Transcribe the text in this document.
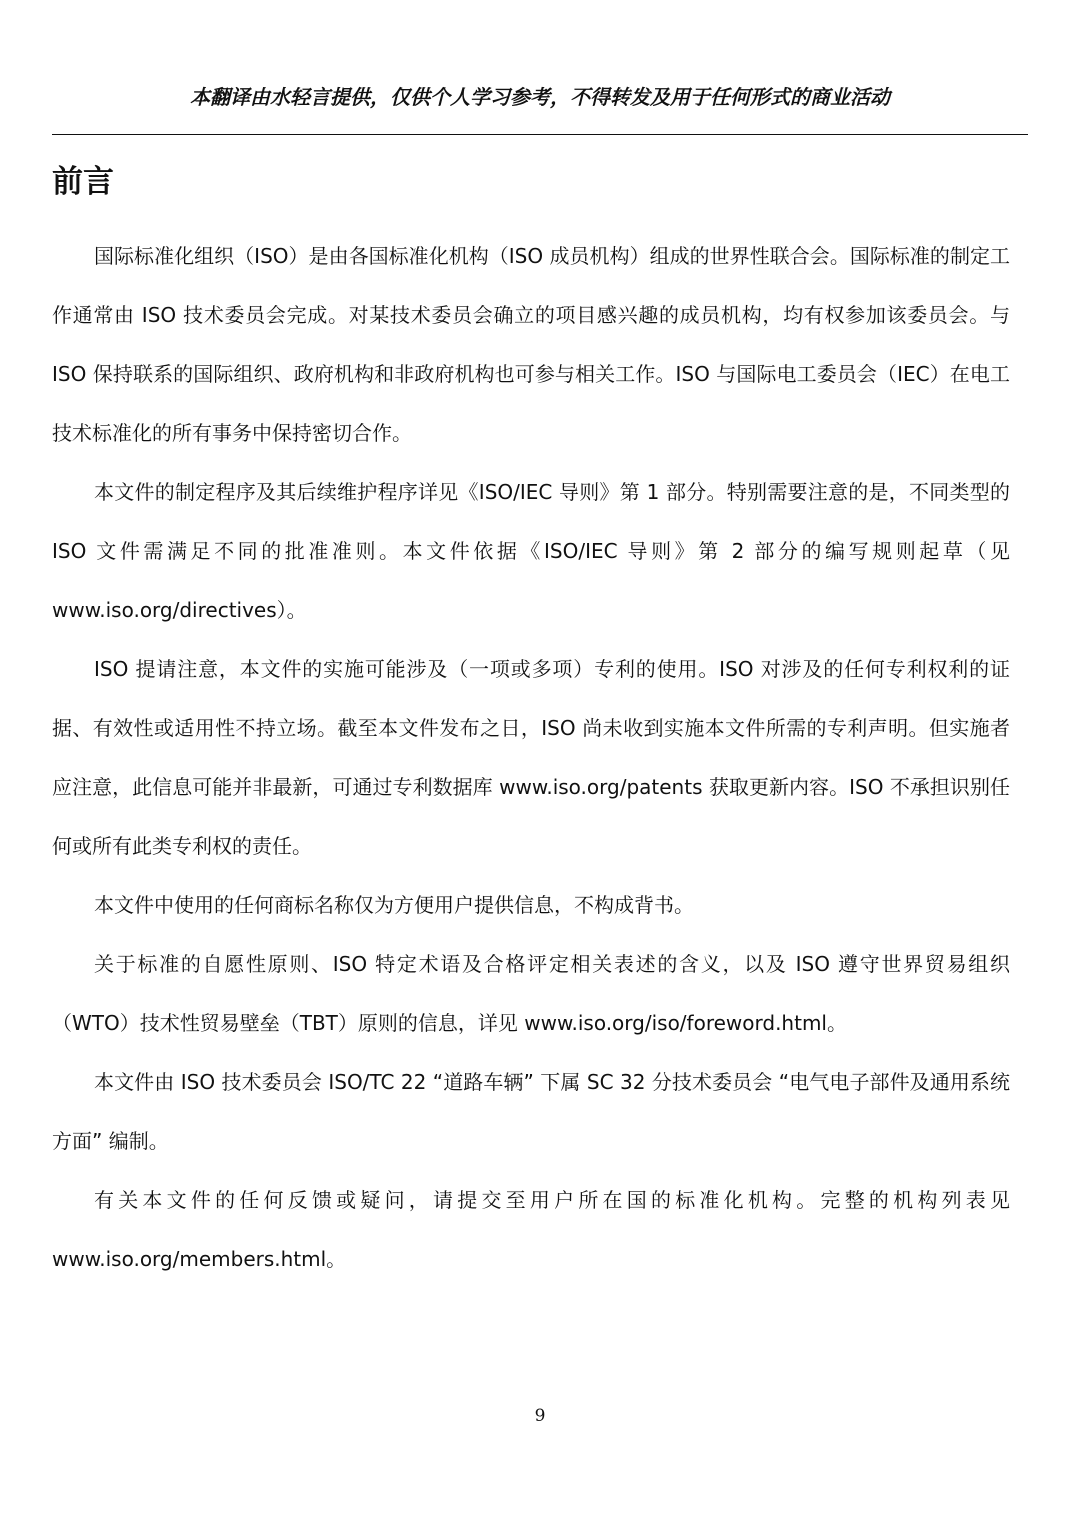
本翻译由水轻言提供，仅供个人学习参考，不得转发及用于任何形式的商业活动
前言

国际标准化组织（ISO）是由各国标准化机构（ISO 成员机构）组成的世界性联合会。国际标准的制定工作通常由 ISO 技术委员会完成。对某技术委员会确立的项目感兴趣的成员机构，均有权参加该委员会。与 ISO 保持联系的国际组织、政府机构和非政府机构也可参与相关工作。ISO 与国际电工委员会（IEC）在电工技术标准化的所有事务中保持密切合作。

本文件的制定程序及其后续维护程序详见《ISO/IEC 导则》第 1 部分。特别需要注意的是，不同类型的 ISO 文件需满足不同的批准准则。本文件依据《ISO/IEC 导则》第 2 部分的编写规则起草（见 www.iso.org/directives）。

ISO 提请注意，本文件的实施可能涉及（一项或多项）专利的使用。ISO 对涉及的任何专利权利的证据、有效性或适用性不持立场。截至本文件发布之日，ISO 尚未收到实施本文件所需的专利声明。但实施者应注意，此信息可能并非最新，可通过专利数据库 www.iso.org/patents 获取更新内容。ISO 不承担识别任何或所有此类专利权的责任。

本文件中使用的任何商标名称仅为方便用户提供信息，不构成背书。

关于标准的自愿性原则、ISO 特定术语及合格评定相关表述的含义，以及 ISO 遵守世界贸易组织（WTO）技术性贸易壁垒（TBT）原则的信息，详见 www.iso.org/iso/foreword.html。

本文件由 ISO 技术委员会 ISO/TC 22 “道路车辆” 下属 SC 32 分技术委员会 “电气电子部件及通用系统方面” 编制。

有关本文件的任何反馈或疑问，请提交至用户所在国的标准化机构。完整的机构列表见 www.iso.org/members.html。

9
